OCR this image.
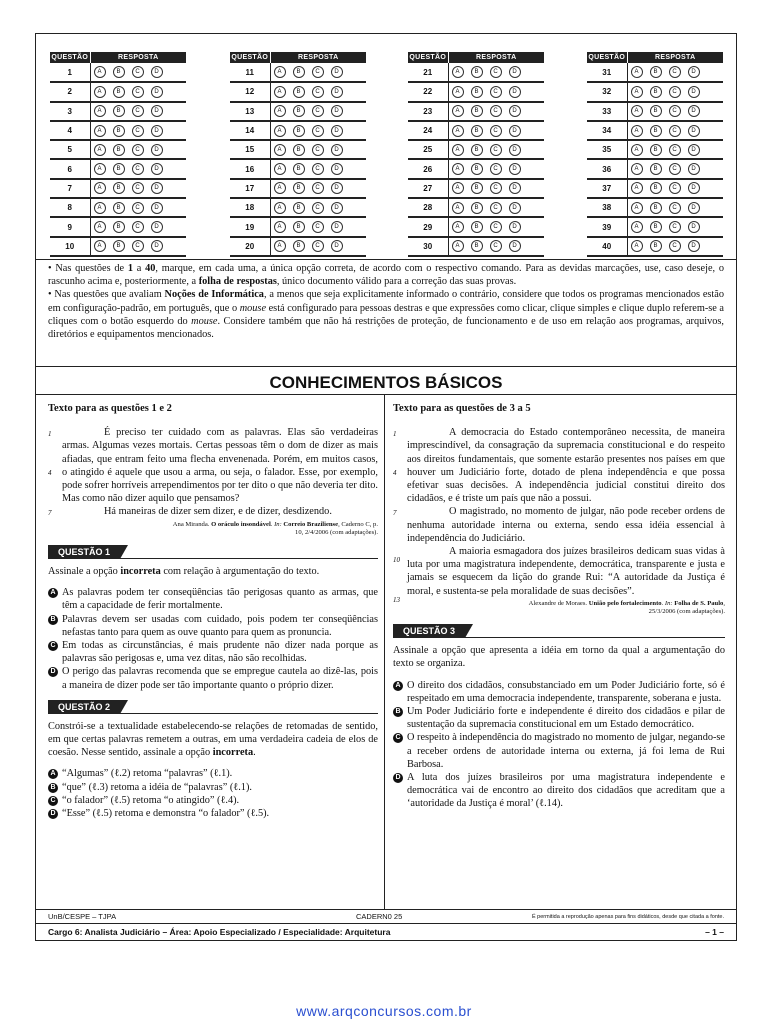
QUESTÃO	RESPOSTA
1	A B C D
2	A B C D
3	A B C D
4	A B C D
5	A B C D
6	A B C D
7	A B C D
8	A B C D
9	A B C D
10	A B C D
QUESTÃO	RESPOSTA
11	A B C D
12	A B C D
13	A B C D
14	A B C D
15	A B C D
16	A B C D
17	A B C D
18	A B C D
19	A B C D
20	A B C D
QUESTÃO	RESPOSTA
21	A B C D
22	A B C D
23	A B C D
24	A B C D
25	A B C D
26	A B C D
27	A B C D
28	A B C D
29	A B C D
30	A B C D
QUESTÃO	RESPOSTA
31	A B C D
32	A B C D
33	A B C D
34	A B C D
35	A B C D
36	A B C D
37	A B C D
38	A B C D
39	A B C D
40	A B C D

• Nas questões de 1 a 40, marque, em cada uma, a única opção correta, de acordo com o respectivo comando. Para as devidas marcações, use, caso deseje, o rascunho acima e, posteriormente, a folha de respostas, único documento válido para a correção das suas provas.

• Nas questões que avaliam Noções de Informática, a menos que seja explicitamente informado o contrário, considere que todos os programas mencionados estão em configuração-padrão, em português, que o mouse está configurado para pessoas destras e que expressões como clicar, clique simples e clique duplo referem-se a cliques com o botão esquerdo do mouse. Considere também que não há restrições de proteção, de funcionamento e de uso em relação aos programas, arquivos, diretórios e equipamentos mencionados.

CONHECIMENTOS BÁSICOS
Texto para as questões 1 e 2
1
4
7

É preciso ter cuidado com as palavras. Elas são verdadeiras armas. Algumas vezes mortais. Certas pessoas têm o dom de dizer as mais afiadas, que entram feito uma flecha envenenada. Porém, em muitos casos, o atingido é aquele que usou a arma, ou seja, o falador. Esse, por exemplo, pode sofrer horríveis arrependimentos por ter dito o que não deveria ter dito. Mas como não dizer aquilo que pensamos?

Há maneiras de dizer sem dizer, e de dizer, desdizendo.

Ana Miranda. O oráculo insondável. In: Correio Braziliense, Caderno C, p. 10, 2/4/2006 (com adaptações).
QUESTÃO 1
Assinale a opção incorreta com relação à argumentação do texto.
A As palavras podem ter conseqüências tão perigosas quanto as armas, que têm a capacidade de ferir mortalmente.
B Palavras devem ser usadas com cuidado, pois podem ter conseqüências nefastas tanto para quem as ouve quanto para quem as pronuncia.
C Em todas as circunstâncias, é mais prudente não dizer nada porque as palavras são perigosas e, uma vez ditas, não são recolhidas.
D O perigo das palavras recomenda que se empregue cautela ao dizê-las, pois a maneira de dizer pode ser tão importante quanto o próprio dizer.
QUESTÃO 2
Constrói-se a textualidade estabelecendo-se relações de retomadas de sentido, em que certas palavras remetem a outras, em uma verdadeira cadeia de elos de coesão. Nesse sentido, assinale a opção incorreta.
A “Algumas” (ℓ.2) retoma “palavras” (ℓ.1).
B “que” (ℓ.3) retoma a idéia de “palavras” (ℓ.1).
C “o falador” (ℓ.5) retoma “o atingido” (ℓ.4).
D “Esse” (ℓ.5) retoma e demonstra “o falador” (ℓ.5).
Texto para as questões de 3 a 5
1
4
7
10
13

A democracia do Estado contemporâneo necessita, de maneira imprescindível, da consagração da supremacia constitucional e do respeito aos direitos fundamentais, que somente estarão presentes nos países em que houver um Judiciário forte, dotado de plena independência e que possa efetivar suas decisões. A independência judicial constitui direito dos cidadãos, e é triste um país que não a possui.

O magistrado, no momento de julgar, não pode receber ordens de nenhuma autoridade interna ou externa, sendo essa idéia essencial à independência do Judiciário.

A maioria esmagadora dos juízes brasileiros dedicam suas vidas à luta por uma magistratura independente, democrática, transparente e justa e jamais se esquecem da lição do grande Rui: “A autoridade da Justiça é moral, e sustenta-se pela moralidade de suas decisões”.

Alexandre de Moraes. União pelo fortalecimento. In: Folha de S. Paulo, 25/3/2006 (com adaptações).
QUESTÃO 3
Assinale a opção que apresenta a idéia em torno da qual a argumentação do texto se organiza.
A O direito dos cidadãos, consubstanciado em um Poder Judiciário forte, só é respeitado em uma democracia independente, transparente, soberana e justa.
B Um Poder Judiciário forte e independente é direito dos cidadãos e pilar de sustentação da supremacia constitucional em um Estado democrático.
C O respeito à independência do magistrado no momento de julgar, negando-se a receber ordens de autoridade interna ou externa, já foi lema de Rui Barbosa.
D A luta dos juízes brasileiros por uma magistratura independente e democrática vai de encontro ao direito dos cidadãos que acreditam que a ‘autoridade da Justiça é moral’ (ℓ.14).
UnB/CESPE – TJPA	CADERN0 25	É permitida a reprodução apenas para fins didáticos, desde que citada a fonte.
Cargo 6: Analista Judiciário – Área: Apoio Especializado / Especialidade: Arquitetura	– 1 –
www.arqconcursos.com.br
